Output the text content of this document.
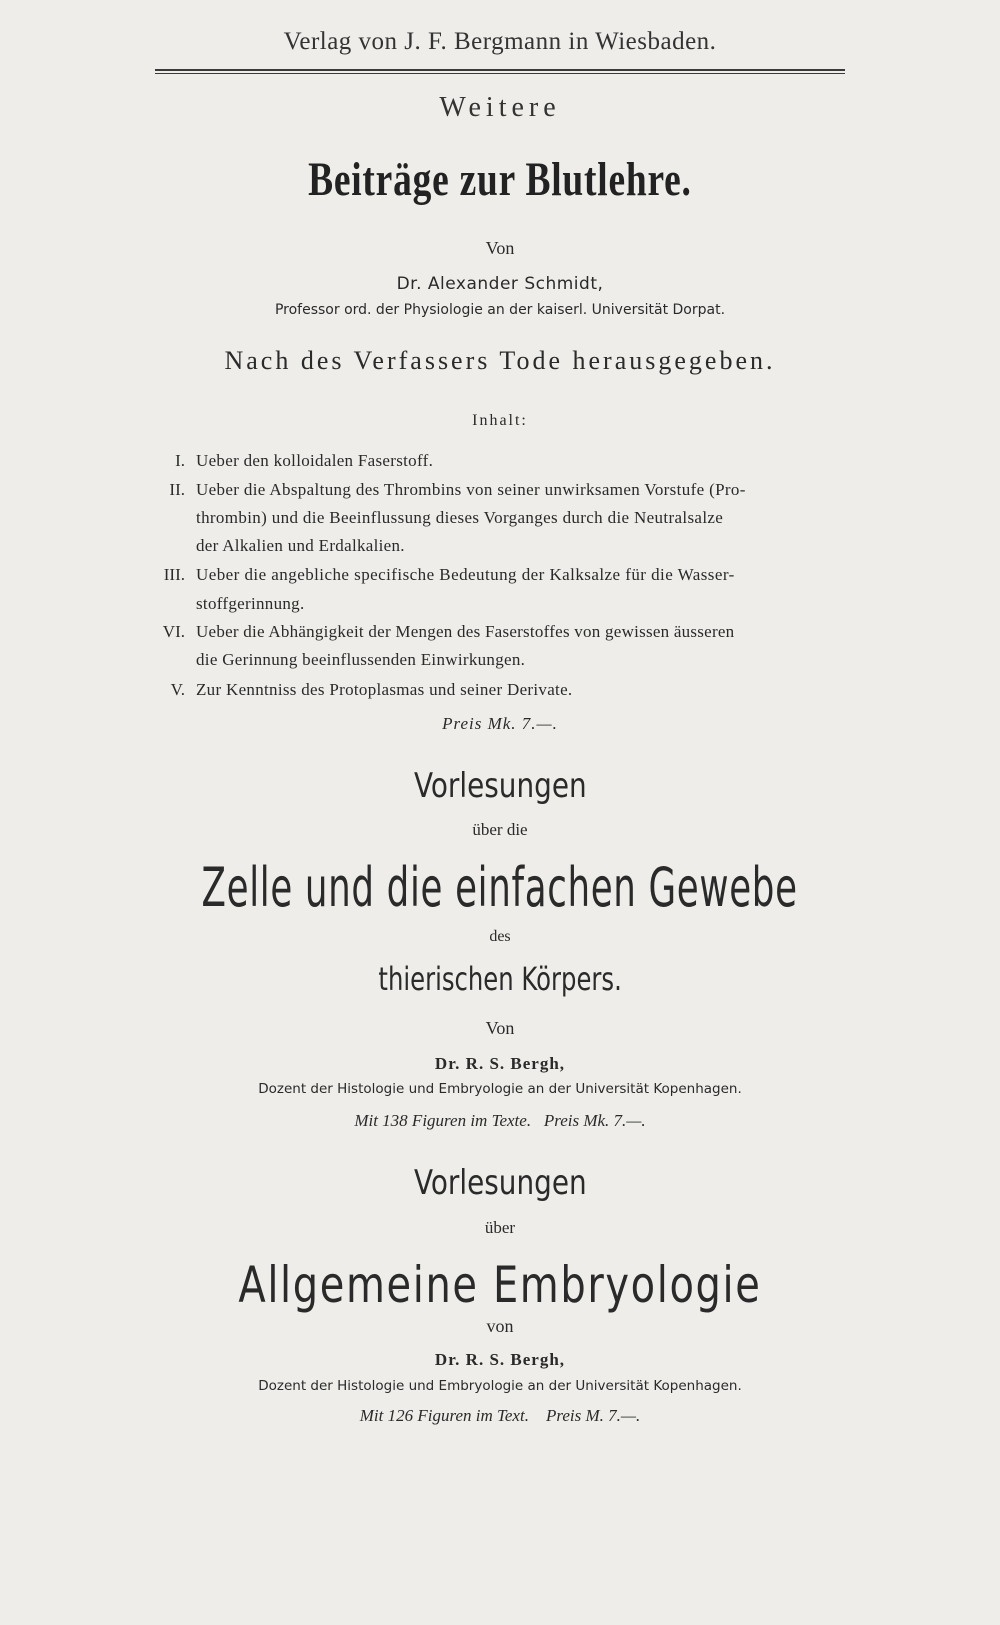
Verlag von J. F. Bergmann in Wiesbaden.
Weitere
Beiträge zur Blutlehre.
Von
Dr. Alexander Schmidt,
Professor ord. der Physiologie an der kaiserl. Universität Dorpat.
Nach des Verfassers Tode herausgegeben.
Inhalt:
I. Ueber den kolloidalen Faserstoff.
II. Ueber die Abspaltung des Thrombins von seiner unwirksamen Vorstufe (Pro-
thrombin) und die Beeinflussung dieses Vorganges durch die Neutralsalze
der Alkalien und Erdalkalien.
III. Ueber die angebliche specifische Bedeutung der Kalksalze für die Wasser-
stoffgerinnung.
VI. Ueber die Abhängigkeit der Mengen des Faserstoffes von gewissen äusseren
die Gerinnung beeinflussenden Einwirkungen.
V. Zur Kenntniss des Protoplasmas und seiner Derivate.
Preis Mk. 7.—.
Vorlesungen
über die
Zelle und die einfachen Gewebe
des
thierischen Körpers.
Von
Dr. R. S. Bergh,
Dozent der Histologie und Embryologie an der Universität Kopenhagen.
Mit 138 Figuren im Texte.   Preis Mk. 7.—.
Vorlesungen
über
Allgemeine Embryologie
von
Dr. R. S. Bergh,
Dozent der Histologie und Embryologie an der Universität Kopenhagen.
Mit 126 Figuren im Text.    Preis M. 7.—.
